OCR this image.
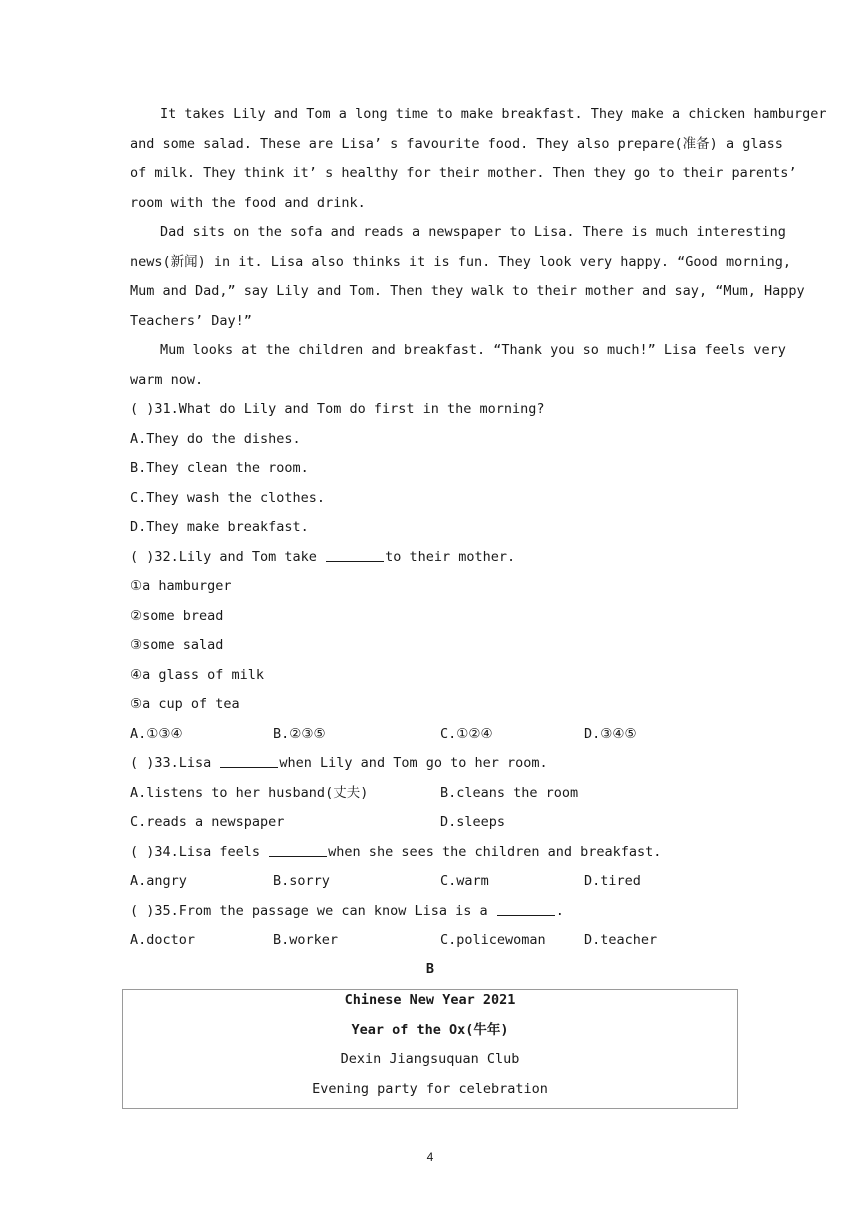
It takes Lily and Tom a long time to make breakfast. They make a chicken hamburger
and some salad. These are Lisa’ s favourite food. They also prepare(准备) a glass
of milk. They think it’ s healthy for their mother. Then they go to their parents’
room with the food and drink.
Dad sits on the sofa and reads a newspaper to Lisa. There is much interesting
news(新闻) in it. Lisa also thinks it is fun. They look very happy. “Good morning,
Mum and Dad,” say Lily and Tom. Then they walk to their mother and say, “Mum, Happy
Teachers’ Day!”
Mum looks at the children and breakfast. “Thank you so much!” Lisa feels very
warm now.
( )31.What do Lily and Tom do first in the morning?
A.They do the dishes.
B.They clean the room.
C.They wash the clothes.
D.They make breakfast.
( )32.Lily and Tom take	to their mother.
①a hamburger
②some bread
③some salad
④a glass of milk
⑤a cup of tea
A.①③④	B.②③⑤	C.①②④	D.③④⑤
( )33.Lisa	when Lily and Tom go to her room.
A.listens to her husband(丈夫)	B.cleans the room
C.reads a newspaper	D.sleeps
( )34.Lisa feels	when she sees the children and breakfast.
A.angry	B.sorry	C.warm	D.tired
( )35.From the passage we can know Lisa is a	.
A.doctor	B.worker	C.policewoman	D.teacher
B
Chinese New Year 2021
Year of the Ox(牛年)
Dexin Jiangsuquan Club
Evening party for celebration
4
